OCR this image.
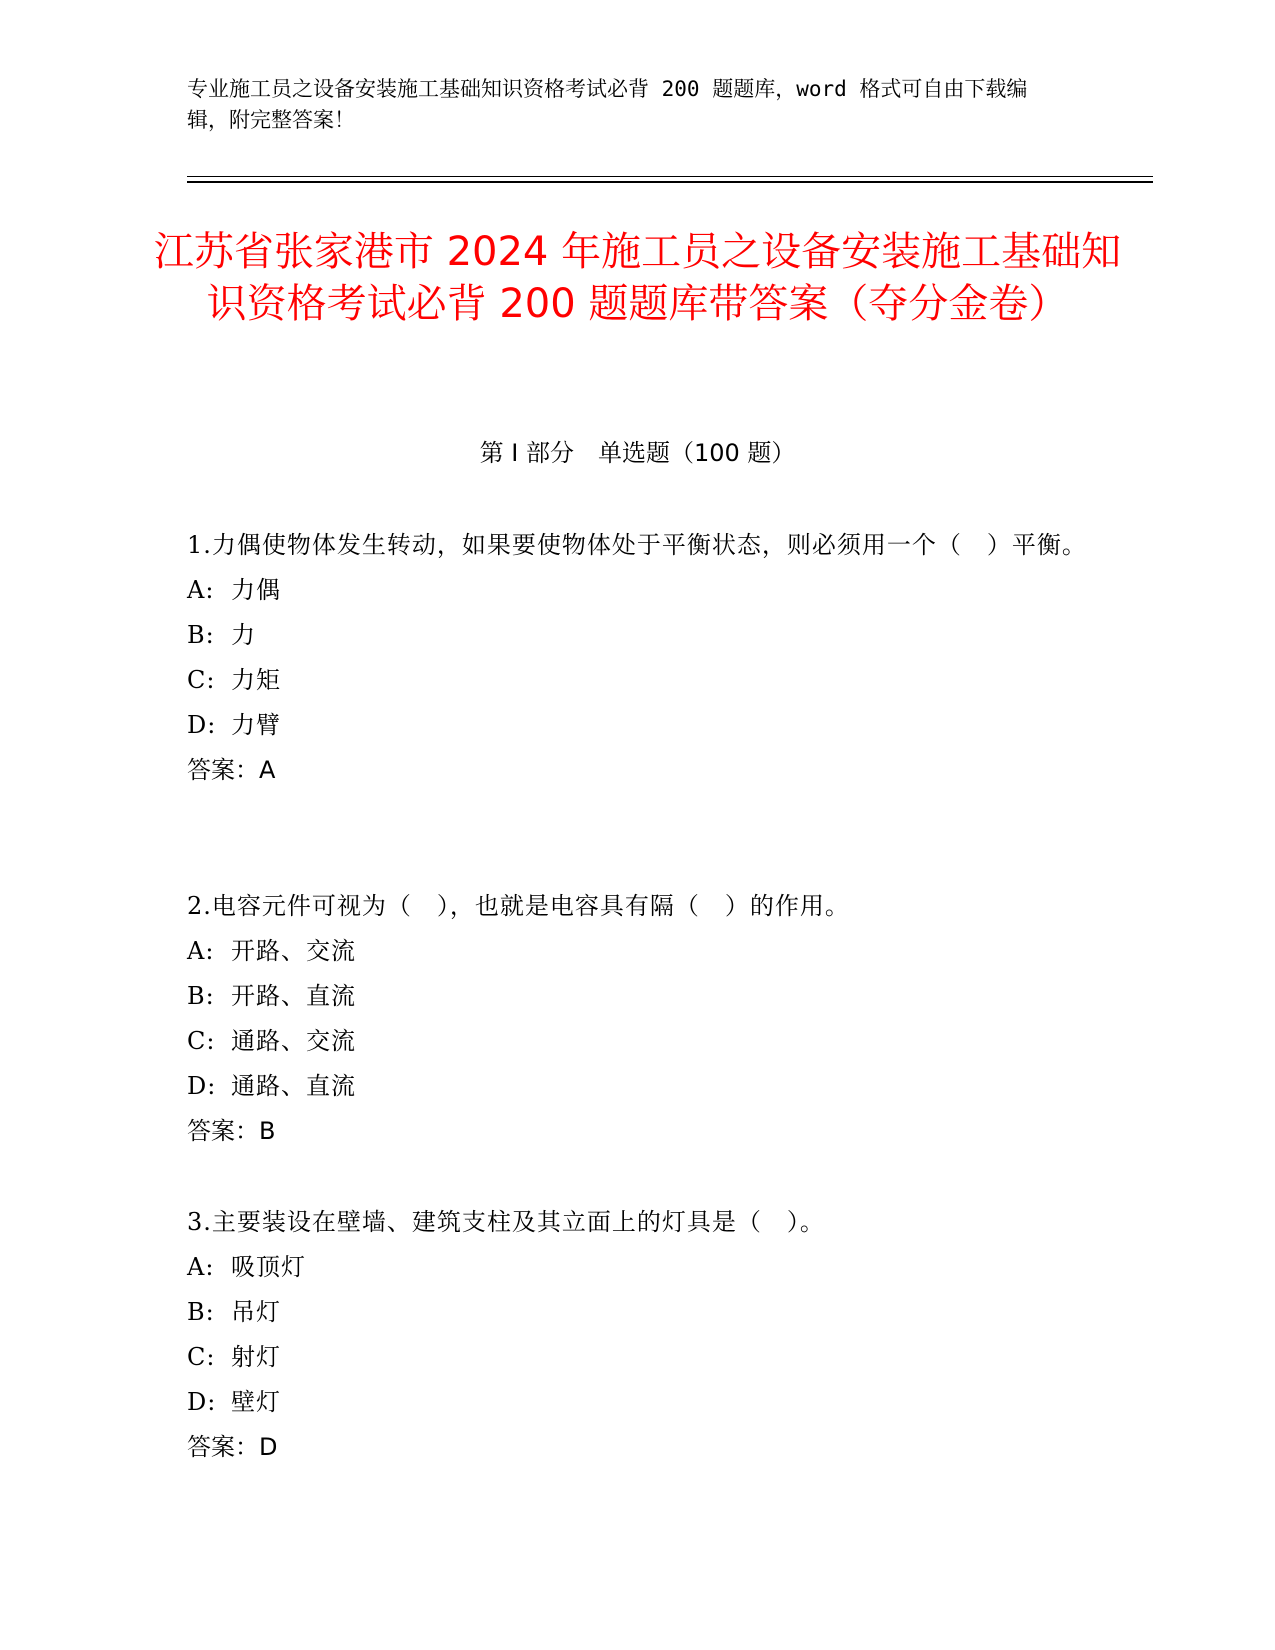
专业施工员之设备安装施工基础知识资格考试必背 200 题题库，word 格式可自由下载编辑，附完整答案！
江苏省张家港市 2024 年施工员之设备安装施工基础知识资格考试必背 200 题题库带答案（夺分金卷）
第 I 部分　单选题（100 题）

1.力偶使物体发生转动，如果要使物体处于平衡状态，则必须用一个（　）平衡。

A: 力偶

B: 力

C: 力矩

D: 力臂

答案：A

2.电容元件可视为（　），也就是电容具有隔（　）的作用。

A: 开路、交流

B: 开路、直流

C: 通路、交流

D: 通路、直流

答案：B

3.主要装设在壁墙、建筑支柱及其立面上的灯具是（　）。

A: 吸顶灯

B: 吊灯

C: 射灯

D: 壁灯

答案：D
